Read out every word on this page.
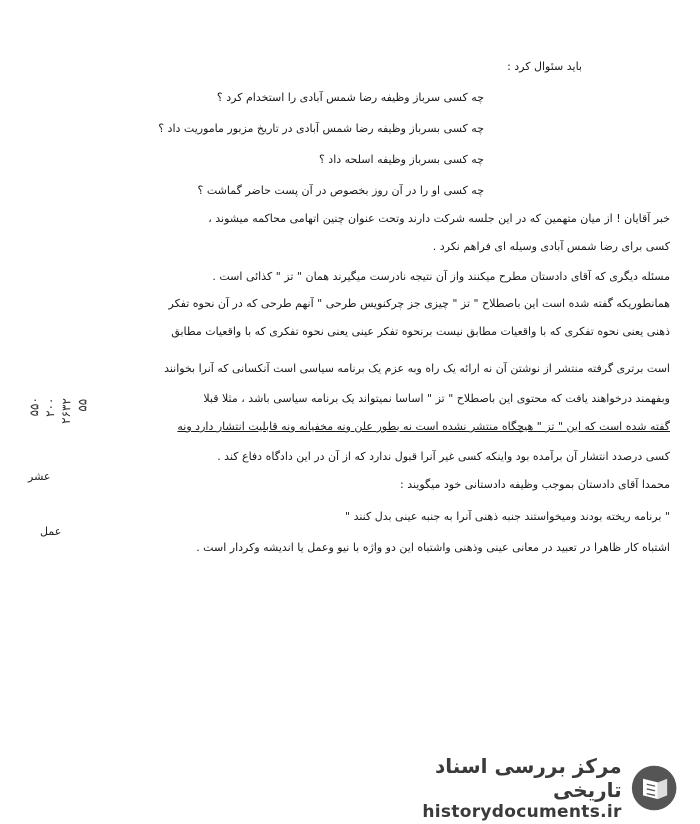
باید سئوال کرد :
چه کسی سرباز وظیفه رضا شمس آبادی را استخدام کرد ؟
چه کسی بسرباز وظیفه رضا شمس آبادی در تاریخ مزبور ماموریت داد ؟
چه کسی بسرباز وظیفه اسلحه داد ؟
چه کسی او را در آن روز بخصوص در آن پست حاضر گماشت ؟
خبر آقایان ! از میان متهمین که در این جلسه شرکت دارند وتحت عنوان چنین اتهامی محاکمه میشوند ،
کسی برای رضا شمس آبادی وسیله ای فراهم نکرد .
مسئله دیگری که آقای دادستان مطرح میکنند واز آن نتیجه نادرست میگیرند همان " تز " کذائی است .
همانطوریکه گفته شده است این باصطلاح " تز " چیزی جز چرکنویس طرحی " آنهم طرحی که در آن نحوه تفکر
ذهنی یعنی نحوه تفکری که با واقعیات مطابق نیست برنحوه تفکر عینی یعنی نحوه تفکری که با واقعیات مطابق
است برتری گرفته منتشر از نوشتن آن نه ارائه یک راه وبه عزم یک برنامه سیاسی است آنکسانی که آنرا بخوانند
وبفهمند درخواهند یافت که محتوی این باصطلاح " تز " اساسا نمیتواند یک برنامه سیاسی باشد ، مثلا قبلا
گفته شده است که این " تز " هیچگاه منتشر نشده است نه بطور علن ونه مخفیانه ونه قابلیت انتشار دارد ونه
کسی درصدد انتشار آن برآمده بود واینکه کسی غیر آنرا قبول ندارد که از آن در این دادگاه دفاع کند .
محمدا آقای دادستان بموجب وظیفه دادستانی خود میگویند :
" برنامه ریخته بودند ومیخواستند جنبه ذهنی آنرا به جنبه عینی بدل کنند "
اشتباه کار ظاهرا در تعبید در معانی عینی وذهنی واشتباه این دو واژه با نیو وعمل یا اندیشه وکردار است .
عشر
عمل
۵۵۰ ۲۰۰ ۲۶۳۲ ۵۵
مرکز بررسی اسناد تاریخی
historydocuments.ir
